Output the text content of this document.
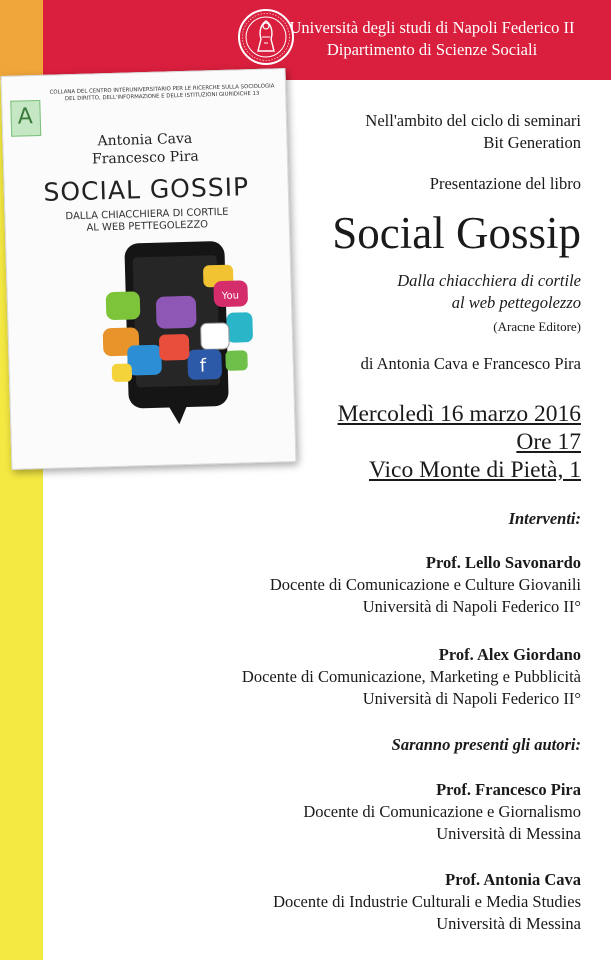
Università degli studi di Napoli Federico II
Dipartimento di Scienze Sociali
A
COLLANA DEL CENTRO INTERUNIVERSITARIO PER LE RICERCHE SULLA SOCIOLOGIA DEL DIRITTO, DELL'INFORMAZIONE E DELLE ISTITUZIONI GIURIDICHE 13
Antonia Cava
Francesco Pira
SOCIAL GOSSIP
DALLA CHIACCHIERA DI CORTILE
AL WEB PETTEGOLEZZO
You
f
Nell'ambito del ciclo di seminari
Bit Generation
Presentazione del libro
Social Gossip
Dalla chiacchiera di cortile
al web pettegolezzo
(Aracne Editore)
di Antonia Cava e Francesco Pira
Mercoledì 16 marzo 2016
Ore 17
Vico Monte di Pietà, 1
Interventi:
Prof. Lello Savonardo
Docente di Comunicazione e Culture Giovanili
Università di Napoli Federico II°
Prof. Alex Giordano
Docente di Comunicazione, Marketing e Pubblicità
Università di Napoli Federico II°
Saranno presenti gli autori:
Prof. Francesco Pira
Docente di Comunicazione e Giornalismo
Università di Messina
Prof. Antonia Cava
Docente di Industrie Culturali e Media Studies
Università di Messina
